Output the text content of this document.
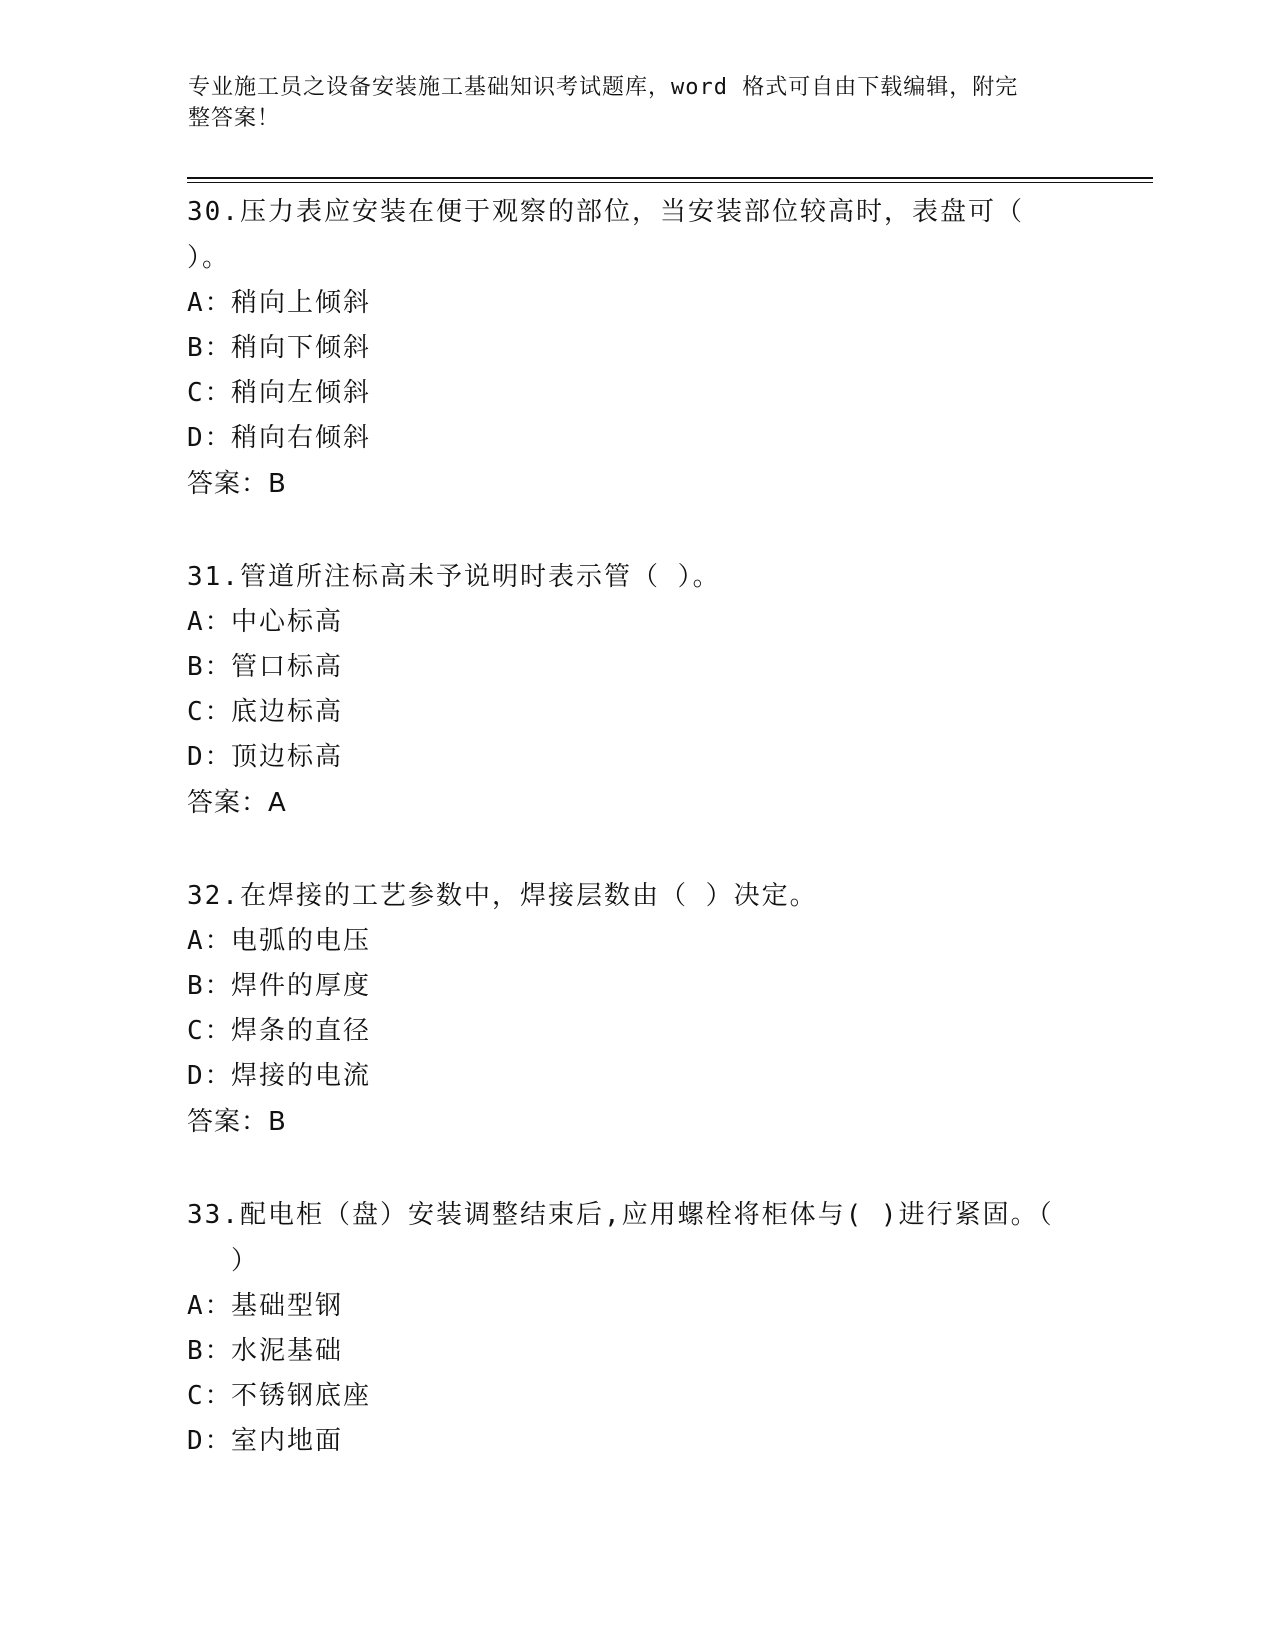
专业施工员之设备安装施工基础知识考试题库，word 格式可自由下载编辑，附完
整答案！

30.压力表应安装在便于观察的部位，当安装部位较高时，表盘可（
）。

A：稍向上倾斜

B：稍向下倾斜

C：稍向左倾斜

D：稍向右倾斜

答案：B

31.管道所注标高未予说明时表示管（ ）。

A：中心标高

B：管口标高

C：底边标高

D：顶边标高

答案：A

32.在焊接的工艺参数中，焊接层数由（ ）决定。

A：电弧的电压

B：焊件的厚度

C：焊条的直径

D：焊接的电流

答案：B

33.配电柜（盘）安装调整结束后,应用螺栓将柜体与( )进行紧固。（
）

A：基础型钢

B：水泥基础

C：不锈钢底座

D：室内地面
